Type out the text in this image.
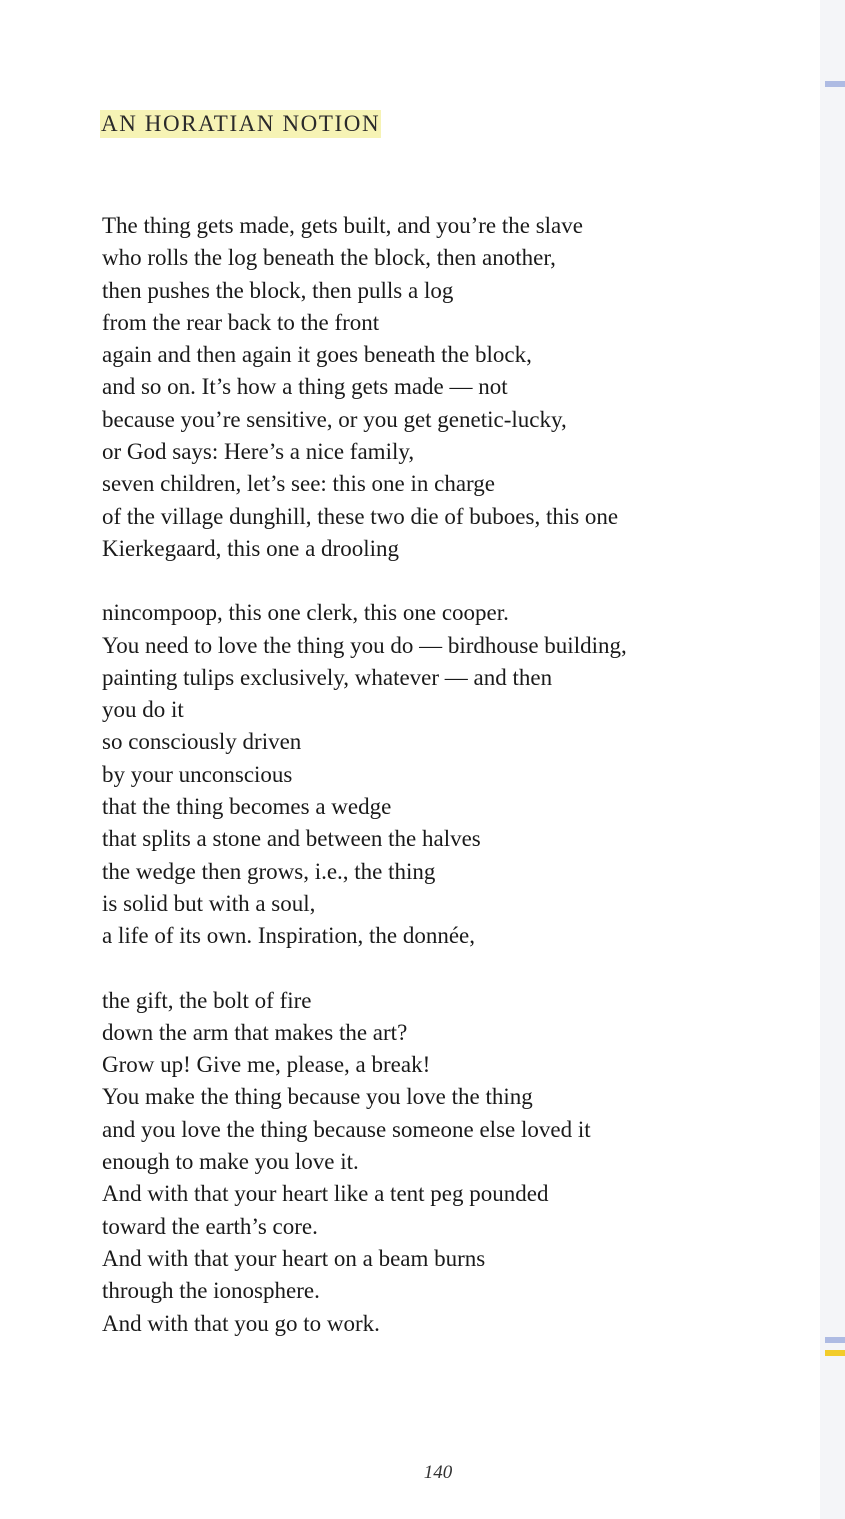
AN HORATIAN NOTION

The thing gets made, gets built, and you’re the slave
who rolls the log beneath the block, then another,
then pushes the block, then pulls a log
from the rear back to the front
again and then again it goes beneath the block,
and so on. It’s how a thing gets made — not
because you’re sensitive, or you get genetic-lucky,
or God says: Here’s a nice family,
seven children, let’s see: this one in charge
of the village dunghill, these two die of buboes, this one
Kierkegaard, this one a drooling

nincompoop, this one clerk, this one cooper.
You need to love the thing you do — birdhouse building,
painting tulips exclusively, whatever — and then
you do it
so consciously driven
by your unconscious
that the thing becomes a wedge
that splits a stone and between the halves
the wedge then grows, i.e., the thing
is solid but with a soul,
a life of its own. Inspiration, the donnée,

the gift, the bolt of fire
down the arm that makes the art?
Grow up! Give me, please, a break!
You make the thing because you love the thing
and you love the thing because someone else loved it
enough to make you love it.
And with that your heart like a tent peg pounded
toward the earth’s core.
And with that your heart on a beam burns
through the ionosphere.
And with that you go to work.

140
